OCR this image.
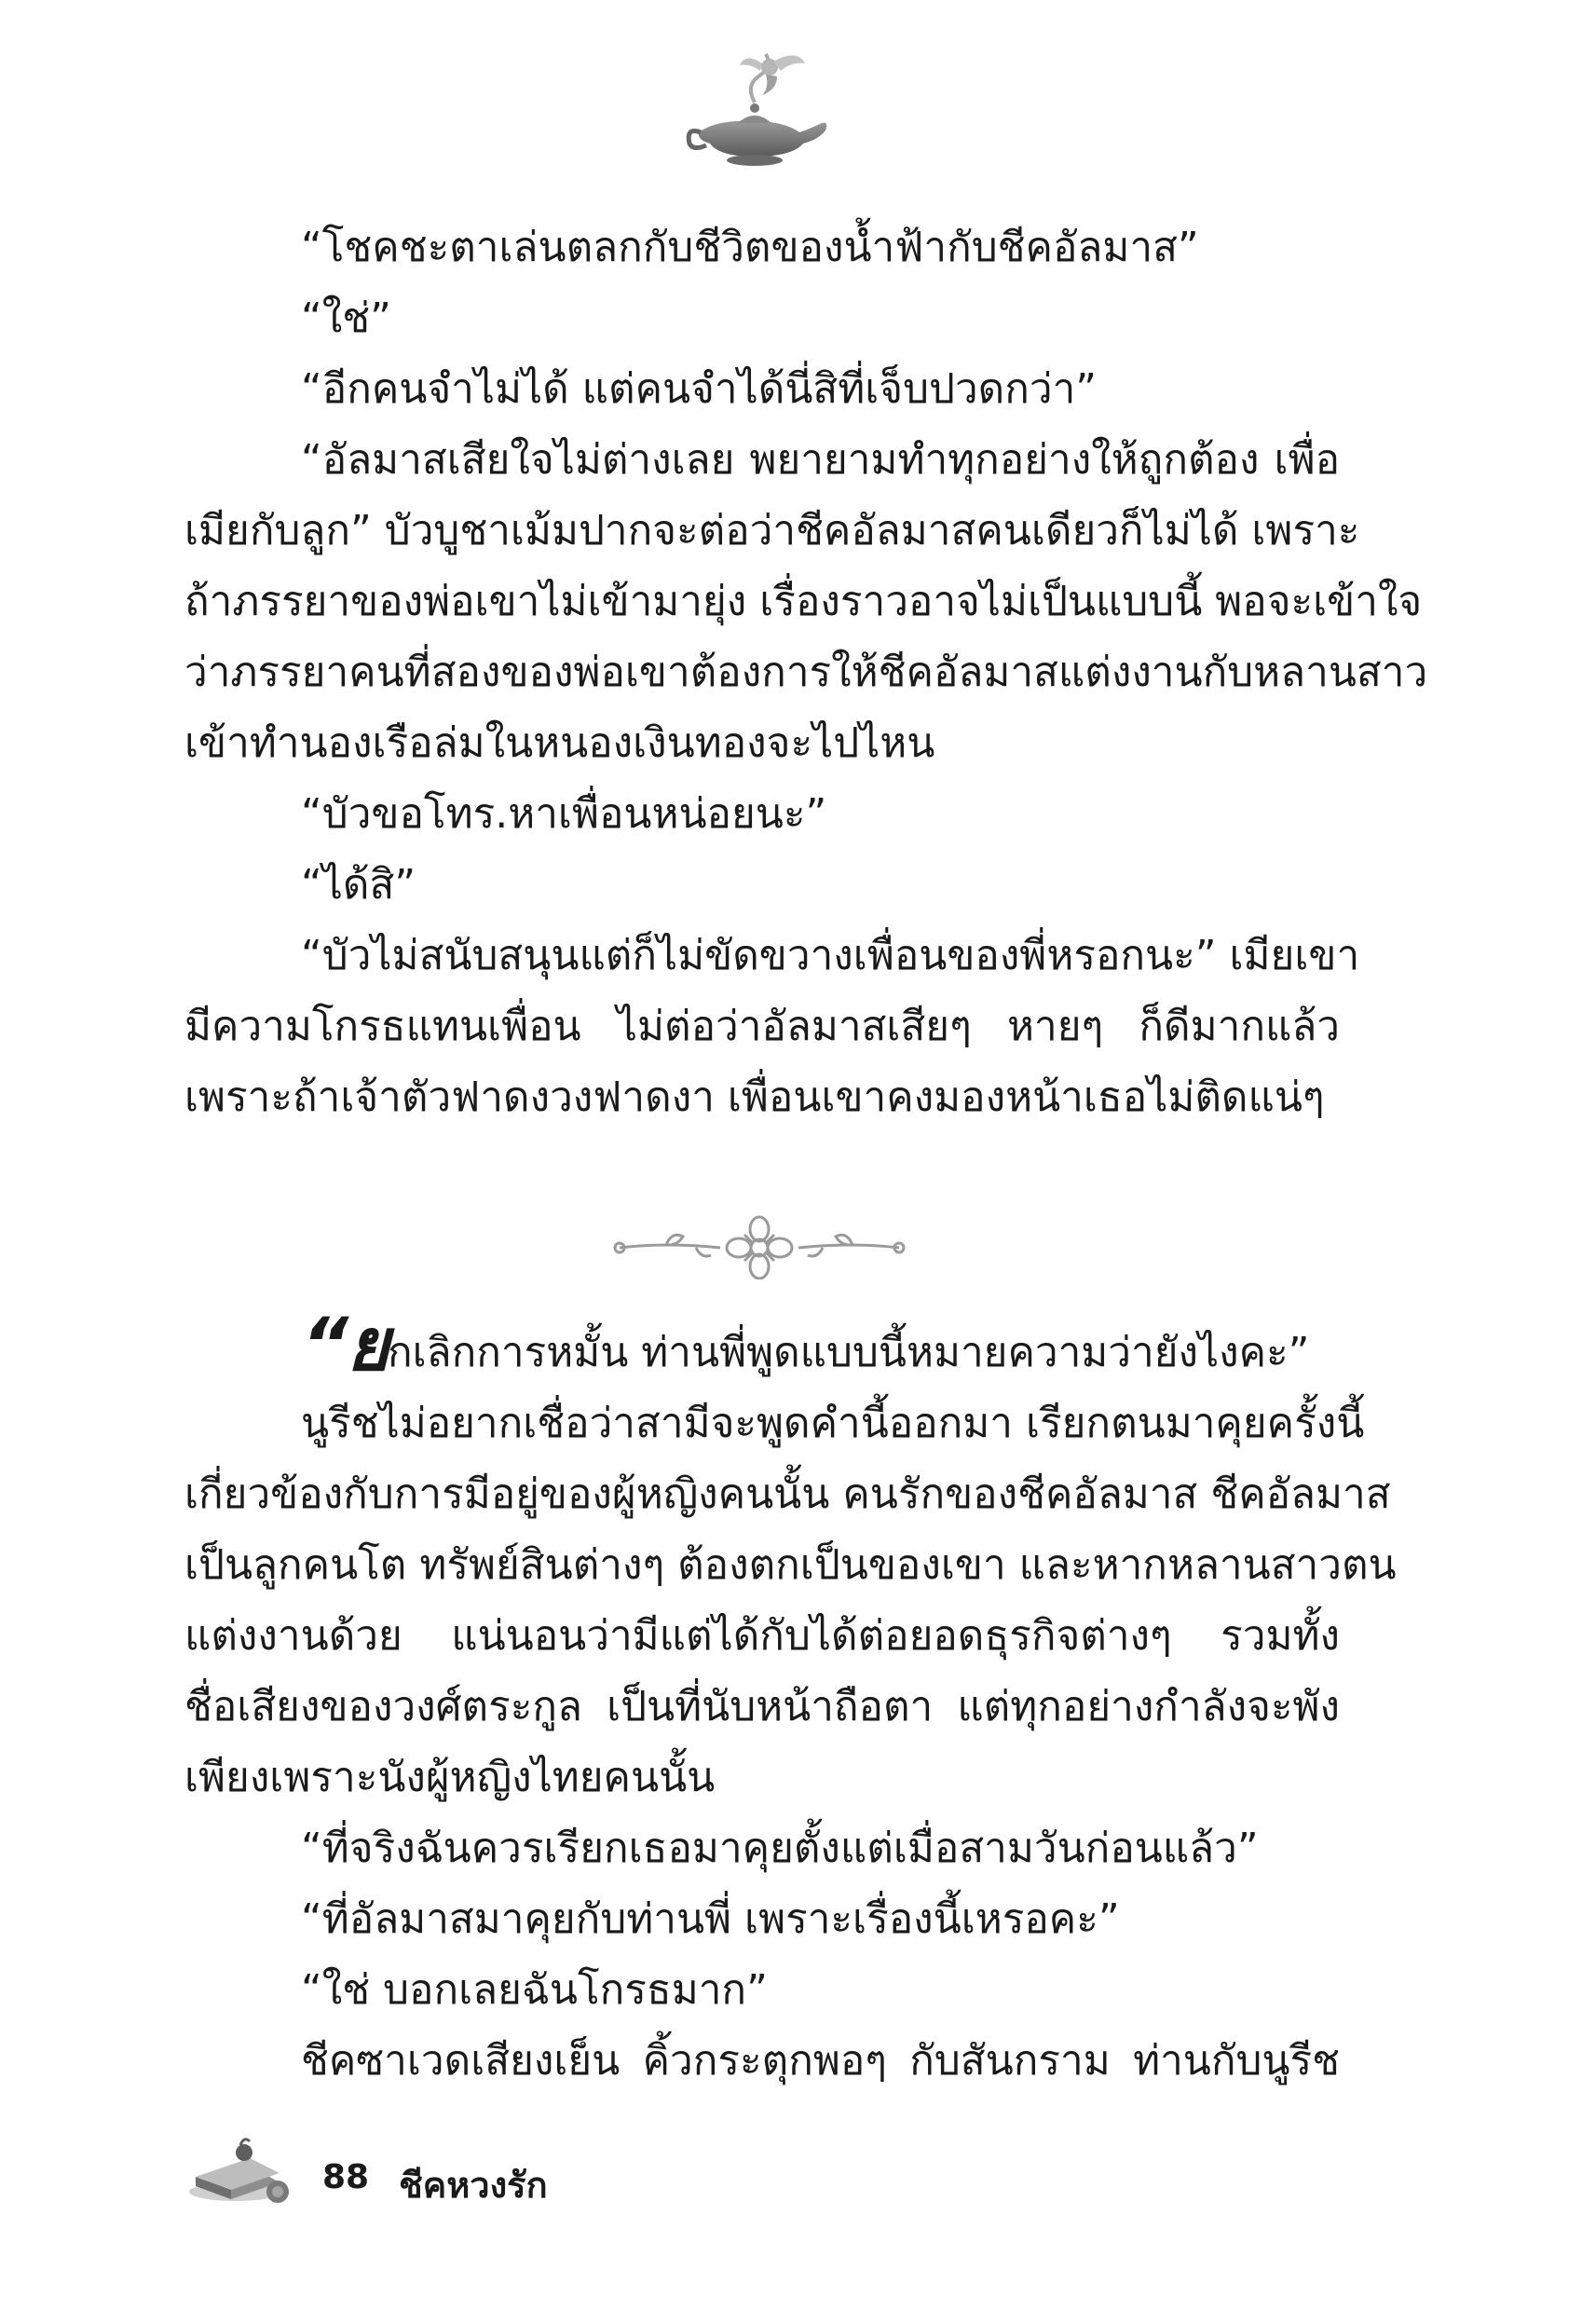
“โชคชะตาเล่นตลกกับชีวิตของน้ำฟ้ากับชีคอัลมาส”
“ใช่”
“อีกคนจำไม่ได้ แต่คนจำได้นี่สิที่เจ็บปวดกว่า”
“อัลมาสเสียใจไม่ต่างเลย พยายามทำทุกอย่างให้ถูกต้อง เพื่อ
เมียกับลูก” บัวบูชาเม้มปากจะต่อว่าชีคอัลมาสคนเดียวก็ไม่ได้ เพราะ
ถ้าภรรยาของพ่อเขาไม่เข้ามายุ่ง เรื่องราวอาจไม่เป็นแบบนี้ พอจะเข้าใจ
ว่าภรรยาคนที่สองของพ่อเขาต้องการให้ชีคอัลมาสแต่งงานกับหลานสาว
เข้าทำนองเรือล่มในหนองเงินทองจะไปไหน
“บัวขอโทร.หาเพื่อนหน่อยนะ”
“ได้สิ”
“บัวไม่สนับสนุนแต่ก็ไม่ขัดขวางเพื่อนของพี่หรอกนะ” เมียเขา
มีความโกรธแทนเพื่อน ไม่ต่อว่าอัลมาสเสียๆ หายๆ ก็ดีมากแล้ว
เพราะถ้าเจ้าตัวฟาดงวงฟาดงา เพื่อนเขาคงมองหน้าเธอไม่ติดแน่ๆ
“ยกเลิกการหมั้น ท่านพี่พูดแบบนี้หมายความว่ายังไงคะ”
นูรีชไม่อยากเชื่อว่าสามีจะพูดคำนี้ออกมา เรียกตนมาคุยครั้งนี้
เกี่ยวข้องกับการมีอยู่ของผู้หญิงคนนั้น คนรักของชีคอัลมาส ชีคอัลมาส
เป็นลูกคนโต ทรัพย์สินต่างๆ ต้องตกเป็นของเขา และหากหลานสาวตน
แต่งงานด้วย แน่นอนว่ามีแต่ได้กับได้ต่อยอดธุรกิจต่างๆ รวมทั้ง
ชื่อเสียงของวงศ์ตระกูล เป็นที่นับหน้าถือตา แต่ทุกอย่างกำลังจะพัง
เพียงเพราะนังผู้หญิงไทยคนนั้น
“ที่จริงฉันควรเรียกเธอมาคุยตั้งแต่เมื่อสามวันก่อนแล้ว”
“ที่อัลมาสมาคุยกับท่านพี่ เพราะเรื่องนี้เหรอคะ”
“ใช่ บอกเลยฉันโกรธมาก”
ชีคซาเวดเสียงเย็น คิ้วกระตุกพอๆ กับสันกราม ท่านกับนูรีช
88 ชีคหวงรัก
